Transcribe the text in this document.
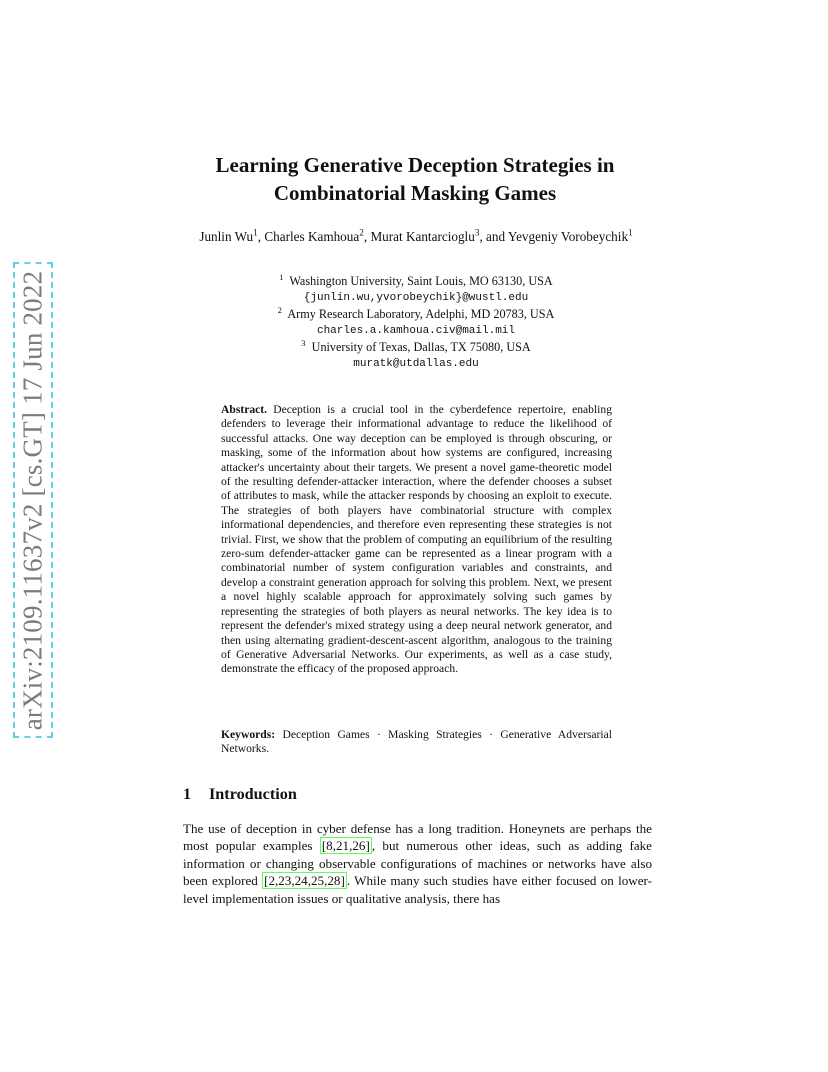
arXiv:2109.11637v2 [cs.GT] 17 Jun 2022
Learning Generative Deception Strategies in
Combinatorial Masking Games
Junlin Wu$^1$, Charles Kamhoua$^2$, Murat Kantarcioglu$^3$, and Yevgeniy Vorobeychik$^1$
$^1$ Washington University, Saint Louis, MO 63130, USA
{junlin.wu,yvorobeychik}@wustl.edu
$^2$ Army Research Laboratory, Adelphi, MD 20783, USA
charles.a.kamhoua.civ@mail.mil
$^3$ University of Texas, Dallas, TX 75080, USA
muratk@utdallas.edu
Abstract. Deception is a crucial tool in the cyberdefence repertoire, enabling defenders to leverage their informational advantage to reduce the likelihood of successful attacks. One way deception can be employed is through obscuring, or masking, some of the information about how systems are configured, increasing attacker's uncertainty about their targets. We present a novel game-theoretic model of the resulting defender-attacker interaction, where the defender chooses a subset of attributes to mask, while the attacker responds by choosing an exploit to execute. The strategies of both players have combinatorial structure with complex informational dependencies, and therefore even representing these strategies is not trivial. First, we show that the problem of computing an equilibrium of the resulting zero-sum defender-attacker game can be represented as a linear program with a combinatorial number of system configuration variables and constraints, and develop a constraint generation approach for solving this problem. Next, we present a novel highly scalable approach for approximately solving such games by representing the strategies of both players as neural networks. The key idea is to represent the defender's mixed strategy using a deep neural network generator, and then using alternating gradient-descent-ascent algorithm, analogous to the training of Generative Adversarial Networks. Our experiments, as well as a case study, demonstrate the efficacy of the proposed approach.
Keywords: Deception Games · Masking Strategies · Generative Adversarial Networks.
1 Introduction
The use of deception in cyber defense has a long tradition. Honeynets are perhaps the most popular examples [8,21,26] , but numerous other ideas, such as adding fake information or changing observable configurations of machines or networks have also been explored [2,23,24,25,28] . While many such studies have either focused on lower-level implementation issues or qualitative analysis, there has
